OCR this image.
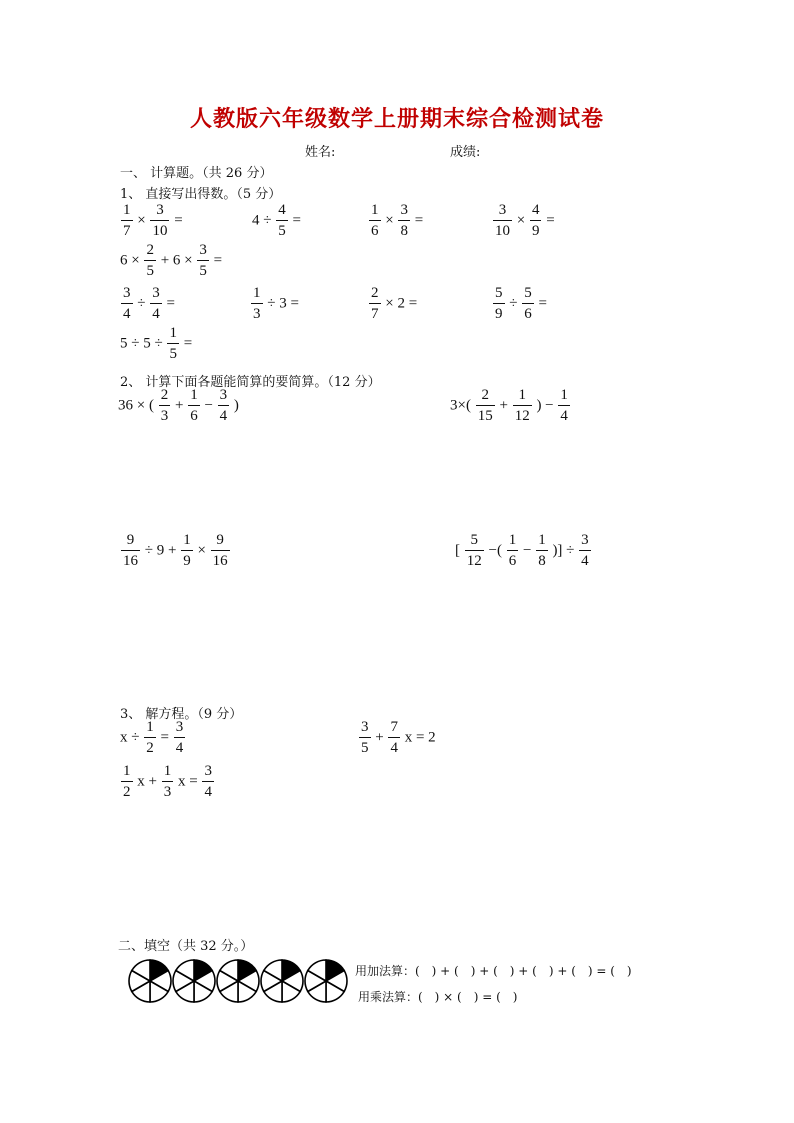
人教版六年级数学上册期末综合检测试卷
姓名:	成绩:
一、 计算题。（共 26 分）
1、 直接写出得数。（5 分）
$\frac{1}{7} \times \frac{3}{10}$ =	$4 \div \frac{4}{5}$ =	$\frac{1}{6} \times \frac{3}{8}$ =	$\frac{3}{10} \times \frac{4}{9}$ =
$6 \times \frac{2}{5} + 6 \times \frac{3}{5}$ =
$\frac{3}{4} \div \frac{3}{4}$ =	$\frac{1}{3} \div 3$ =	$\frac{2}{7} \times 2$ =	$\frac{5}{9} \div \frac{5}{6}$ =
$5 \div 5 \div \frac{1}{5}$ =
2、 计算下面各题能简算的要简算。（12 分）
36 × ( $\frac{2}{3} + \frac{1}{6} - \frac{3}{4}$ )	$3\times( \frac{2}{15} + \frac{1}{12}$ ) − $\frac{1}{4}$
$\frac{9}{16} \div 9 + \frac{1}{9} \times \frac{9}{16}$	[ $\frac{5}{12}$ −( $\frac{1}{6} - \frac{1}{8}$ )] ÷ $\frac{3}{4}$
3、 解方程。（9 分）
$x \div \frac{1}{2} = \frac{3}{4}$	$\frac{3}{5} + \frac{7}{4}$ x = 2
$\frac{1}{2}$ $x + \frac{1}{3}$ $x = \frac{3}{4}$
二、填空（共 32 分。）
用加法算：(　) + (　) + (　) + (　) + (　) = (　)
用乘法算：(　) × (　) = (　)
